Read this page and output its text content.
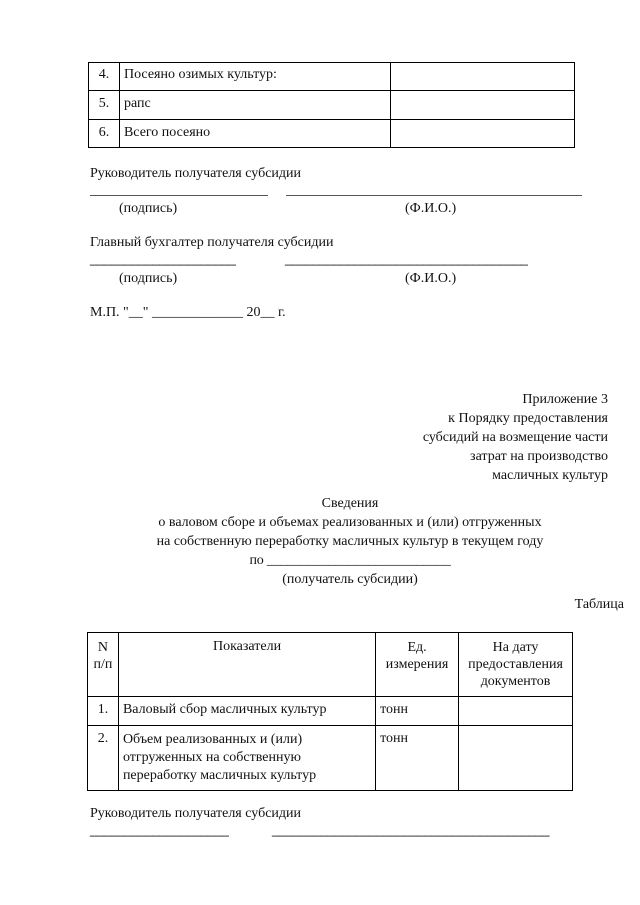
4.	Посеяно озимых культур:	
5.	рапс	
6.	Всего посеяно	
Руководитель получателя субсидии
(подпись)	(Ф.И.О.)
Главный бухгалтер получателя субсидии
_____________________	___________________________________
(подпись)	(Ф.И.О.)
М.П. "__" _____________ 20__ г.
Приложение 3
к Порядку предоставления
субсидий на возмещение части
затрат на производство
масличных культур
Сведения
о валовом сборе и объемах реализованных и (или) отгруженных
на собственную переработку масличных культур в текущем году
по ___________________________
(получатель субсидии)
Таблица
N п/п	Показатели	Ед. измерения	На дату предоставления документов
1.	Валовый сбор масличных культур	тонн	
2.	Объем реализованных и (или) отгруженных на собственную переработку масличных культур	тонн	
Руководитель получателя субсидии
____________________	________________________________________
